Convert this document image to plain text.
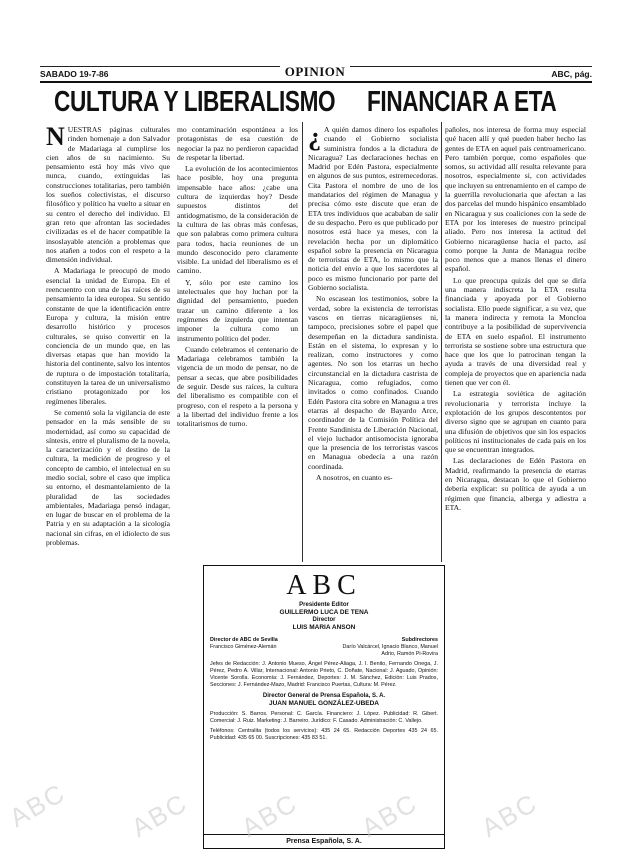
SABADO 19-7-86	OPINION	ABC, pág.
CULTURA Y LIBERALISMO FINANCIAR A ETA
N UESTRAS páginas culturales rinden homenaje a don Salvador de Madariaga al cumplirse los cien años de su nacimiento. Su pensamiento está hoy más vivo que nunca, cuando, extinguidas las construcciones totalitarias, pero también los sueños colectivistas, el discurso filosófico y político ha vuelto a situar en su centro el derecho del individuo. El gran reto que afrontan las sociedades civilizadas es el de hacer compatible la insoslayable atención a problemas que nos atañen a todos con el respeto a la dimensión individual.

A Madariaga le preocupó de modo esencial la unidad de Europa. En el reencuentro con una de las raíces de su pensamiento la idea europea. Su sentido constante de que la identificación entre Europa y cultura, la misión entre desarrollo histórico y procesos culturales, se quiso convertir en la conciencia de un mundo que, en las diversas etapas que han movido la historia del continente, salvo los intentos de ruptura o de impostación totalitaria, constituyen la tarea de un universalismo cristiano protagonizado por los regímenes liberales.

Se comentó sola la vigilancia de este pensador en la más sensible de su modernidad, así como su capacidad de síntesis, entre el pluralismo de la novela, la caracterización y el destino de la cultura, la medición de progreso y el concepto de cambio, el intelectual en su medio social, sobre el caso que implica su entorno, el desmantelamiento de la pluralidad de las sociedades ambientales, Madariaga pensó indagar, en lugar de buscar en el problema de la Patria y en su adaptación a la sicología nacional sin cifras, en el idiolecto de sus problemas.

mo contaminación espontánea a los protagonistas de esa cuestión de negociar la paz no perdieron capacidad de respetar la libertad.

La evolución de los acontecimientos hace posible, hoy una pregunta impensable hace años: ¿cabe una cultura de izquierdas hoy? Desde supuestos distintos del antidogmatismo, de la consideración de la cultura de las obras más confesas, que son palabras como primera cultura para todos, hacia reuniones de un mundo desconocido pero claramente visible. La unidad del liberalismo es el camino.

Y, sólo por este camino los intelectuales que hoy luchan por la dignidad del pensamiento, pueden trazar un camino diferente a los regímenes de izquierda que intentan imponer la cultura como un instrumento político del poder.

Cuando celebramos el centenario de Madariaga celebramos también la vigencia de un modo de pensar, no de pensar a secas, que abre posibilidades de seguir. Desde sus raíces, la cultura del liberalismo es compatible con el progreso, con el respeto a la persona y a la libertad del individuo frente a los totalitarismos de turno.

¿ A quién damos dinero los españoles cuando el Gobierno socialista suministra fondos a la dictadura de Nicaragua? Las declaraciones hechas en Madrid por Edén Pastora, especialmente en algunos de sus puntos, estremecedoras. Cita Pastora el nombre de uno de los mandatarios del régimen de Managua y precisa cómo este discute que eran de ETA tres individuos que acababan de salir de su despacho. Pero es que publicado por nosotros está hace ya meses, con la revelación hecha por un diplomático español sobre la presencia en Nicaragua de terroristas de ETA, lo mismo que la noticia del envío a que los sacerdotes al poco es mismo funcionario por parte del Gobierno socialista.

No escasean los testimonios, sobre la verdad, sobre la existencia de terroristas vascos en tierras nicaragüenses ni, tampoco, precisiones sobre el papel que desempeñan en la dictadura sandinista. Están en el sistema, lo expresan y lo realizan, como instructores y como agentes. No son los etarras un hecho circunstancial en la dictadura castrista de Nicaragua, como refugiados, como invitados o como confinados. Cuando Edén Pastora cita sobre en Managua a tres etarras al despacho de Bayardo Arce, coordinador de la Comisión Política del Frente Sandinista de Liberación Nacional, el viejo luchador antisomocista ignoraba que la presencia de los terroristas vascos en Managua obedecía a una razón coordinada.

A nosotros, en cuanto es-

pañoles, nos interesa de forma muy especial qué hacen allí y qué pueden haber hecho las gentes de ETA en aquel país centroamericano. Pero también porque, como españoles que somos, su actividad allí resulta relevante para nosotros, especialmente si, con actividades que incluyen su entrenamiento en el campo de la guerrilla revolucionaria que afectan a las dos parcelas del mundo hispánico ensamblado en Nicaragua y sus coaliciones con la sede de ETA por los intereses de nuestro principal aliado. Pero nos interesa la actitud del Gobierno nicaragüense hacia el pacto, así como porque la Junta de Managua recibe poco menos que a manos llenas el dinero español.

Lo que preocupa quizás del que se diría una manera indiscreta la ETA resulta financiada y apoyada por el Gobierno socialista. Ello puede significar, a su vez, que la manera indirecta y remota la Moncloa contribuye a la posibilidad de supervivencia de ETA en suelo español. El instrumento terrorista se sostiene sobre una estructura que hace que los que lo patrocinan tengan la ayuda a través de una diversidad real y compleja de proyectos que en apariencia nada tienen que ver con él.

La estrategia soviética de agitación revolucionaria y terrorista incluye la explotación de los grupos descontentos por diverso signo que se agrupan en cuanto para una difusión de objetivos que sin los espacios políticos ni institucionales de cada país en los que se encuentran integrados.

Las declaraciones de Edén Pastora en Madrid, reafirmando la presencia de etarras en Nicaragua, destacan lo que el Gobierno debería explicar: su política de ayuda a un régimen que financia, alberga y adiestra a ETA.

ABC
Presidente Editor
GUILLERMO LUCA DE TENA
Director
LUIS MARIA ANSON
Director de ABC de Sevilla	Subdirectores
Francisco Giménez-Alemán	Darío Valcárcel, Ignacio Blanco, Manuel Adrio, Ramón Pi-Rovira
Jefes de Redacción: J. Antonio Mueso, Ángel Pérez-Aliaga, J. I. Benito, Fernando Onega, J. Pérez, Pedro A. Villar, Internacional: Antonio Prieto, C. Doñate, Nacional: J. Aguado, Opinión: Vicente Sorolla. Economía: J. Fernández, Deportes: J. M. Sánchez, Edición: Luis Prados, Secciones: J. Fernández-Mazo, Madrid: Francisco Puertas, Cultura: M. Pérez.
Director General de Prensa Española, S. A.
JUAN MANUEL GONZÁLEZ-UBEDA
Producción: S. Barros. Personal: C. García. Financiero: J. López. Publicidad: R. Gibert. Comercial: J. Ruiz. Marketing: J. Barreiro. Jurídico: F. Casado. Administración: C. Vallejo.
Teléfonos: Centralita (todos los servicios): 435 24 65. Redacción Deportes 435 24 65. Publicidad: 435 65 00. Suscripciones: 435 83 51.
Prensa Española, S. A.
ABC ABC ABC ABC ABC
